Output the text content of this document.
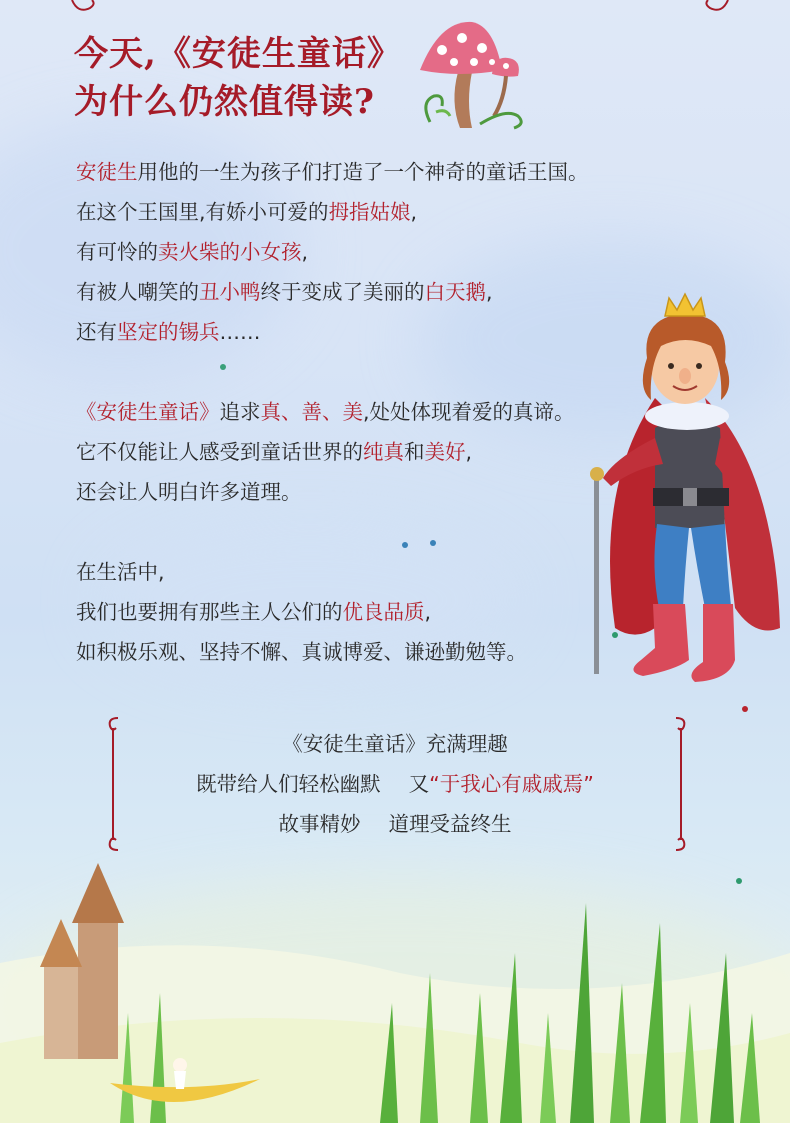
今天,《安徒生童话》
为什么仍然值得读?
安徒生用他的一生为孩子们打造了一个神奇的童话王国。
在这个王国里,有娇小可爱的拇指姑娘,
有可怜的卖火柴的小女孩,
有被人嘲笑的丑小鸭终于变成了美丽的白天鹅,
还有坚定的锡兵……
《安徒生童话》追求真、善、美,处处体现着爱的真谛。
它不仅能让人感受到童话世界的纯真和美好,
还会让人明白许多道理。
在生活中,
我们也要拥有那些主人公们的优良品质,
如积极乐观、坚持不懈、真诚博爱、谦逊勤勉等。
《安徒生童话》充满理趣
既带给人们轻松幽默 又“于我心有戚戚焉”
故事精妙 道理受益终生
